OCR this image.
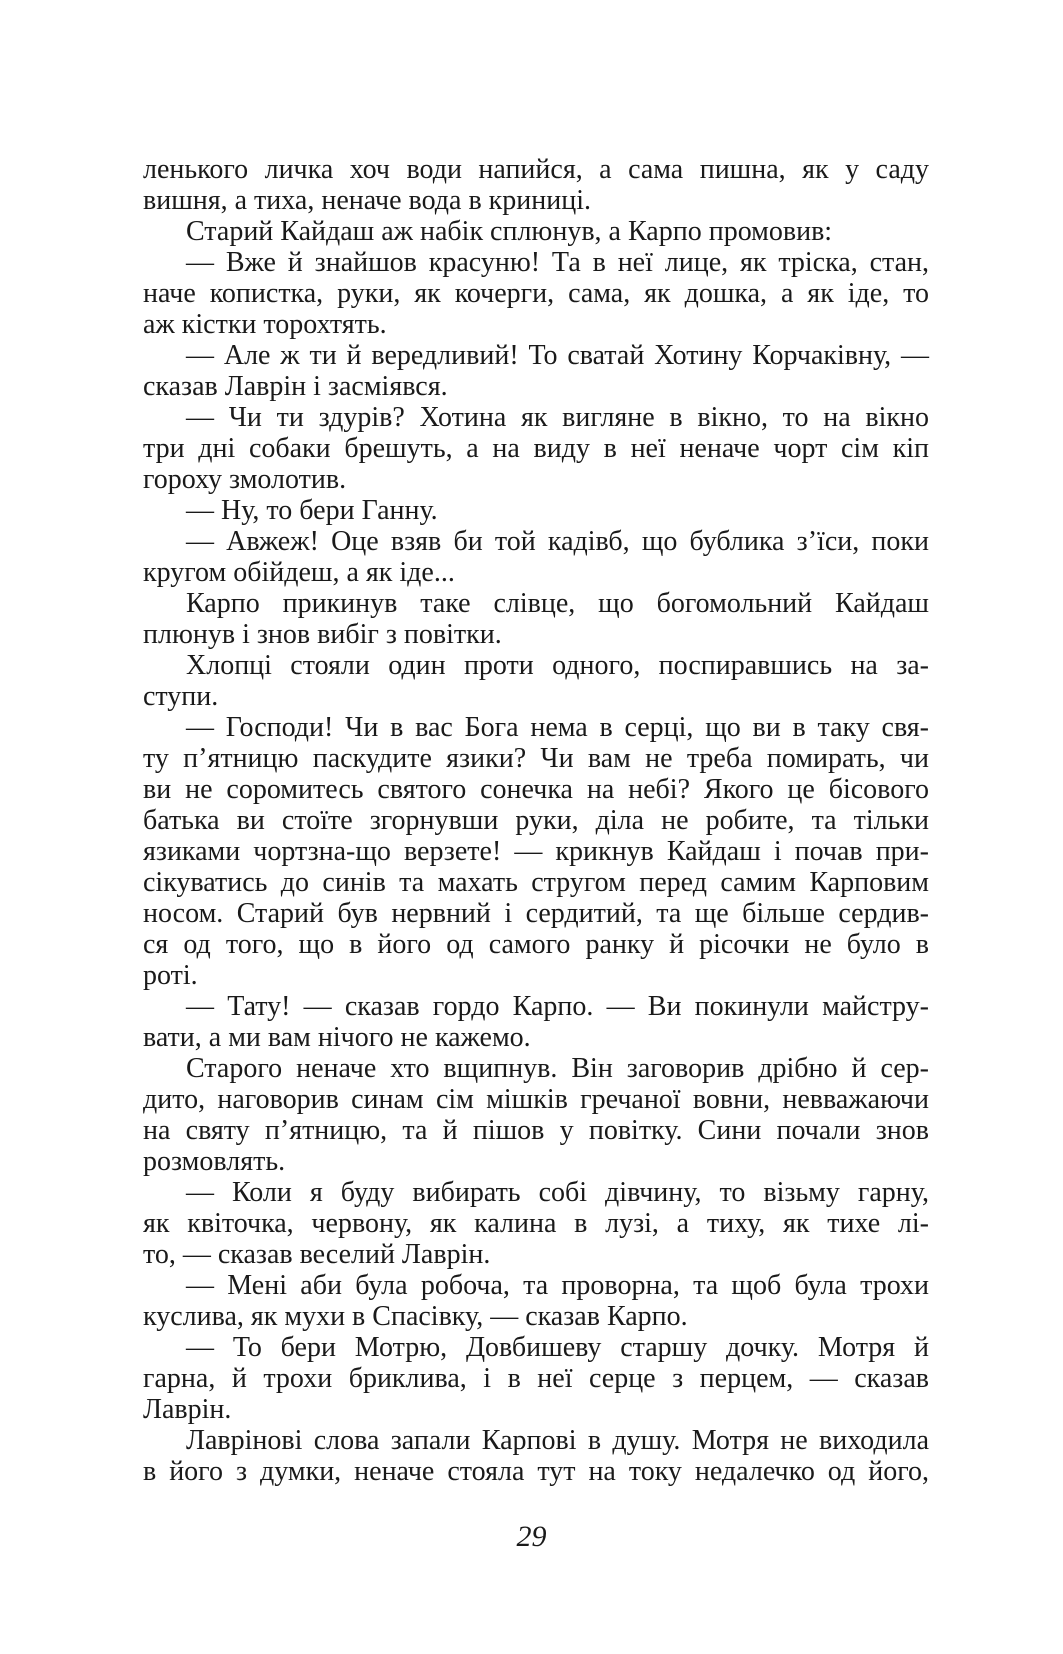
ленького личка хоч води напийся, а сама пишна, як у саду
вишня, а тиха, неначе вода в криниці.
Старий Кайдаш аж набік сплюнув, а Карпо промовив:
— Вже й знайшов красуню! Та в неї лице, як тріска, стан,
наче копистка, руки, як кочерги, сама, як дошка, а як іде, то
аж кістки торохтять.
— Але ж ти й вередливий! То сватай Хотину Корчаківну, —
сказав Лаврін і засміявся.
— Чи ти здурів? Хотина як вигляне в вікно, то на вікно
три дні собаки брешуть, а на виду в неї неначе чорт сім кіп
гороху змолотив.
— Ну, то бери Ганну.
— Авжеж! Оце взяв би той кадівб, що бублика з’їси, поки
кругом обійдеш, а як іде...
Карпо прикинув таке слівце, що богомольний Кайдаш
плюнув і знов вибіг з повітки.
Хлопці стояли один проти одного, поспиравшись на за-
ступи.
— Господи! Чи в вас Бога нема в серці, що ви в таку свя-
ту п’ятницю паскудите язики? Чи вам не треба помирать, чи
ви не соромитесь святого сонечка на небі? Якого це бісового
батька ви стоїте згорнувши руки, діла не робите, та тільки
язиками чортзна-що верзете! — крикнув Кайдаш і почав при-
сікуватись до синів та махать стругом перед самим Карповим
носом. Старий був нервний і сердитий, та ще більше сердив-
ся од того, що в його од самого ранку й рісочки не було в
роті.
— Тату! — сказав гордо Карпо. — Ви покинули майстру-
вати, а ми вам нічого не кажемо.
Старого неначе хто вщипнув. Він заговорив дрібно й сер-
дито, наговорив синам сім мішків гречаної вовни, невважаючи
на святу п’ятницю, та й пішов у повітку. Сини почали знов
розмовлять.
— Коли я буду вибирать собі дівчину, то візьму гарну,
як квіточка, червону, як калина в лузі, а тиху, як тихе лі-
то, — сказав веселий Лаврін.
— Мені аби була робоча, та проворна, та щоб була трохи
куслива, як мухи в Спасівку, — сказав Карпо.
— То бери Мотрю, Довбишеву старшу дочку. Мотря й
гарна, й трохи бриклива, і в неї серце з перцем, — сказав
Лаврін.
Лаврінові слова запали Карпові в душу. Мотря не виходила
в його з думки, неначе стояла тут на току недалечко од його,
29
